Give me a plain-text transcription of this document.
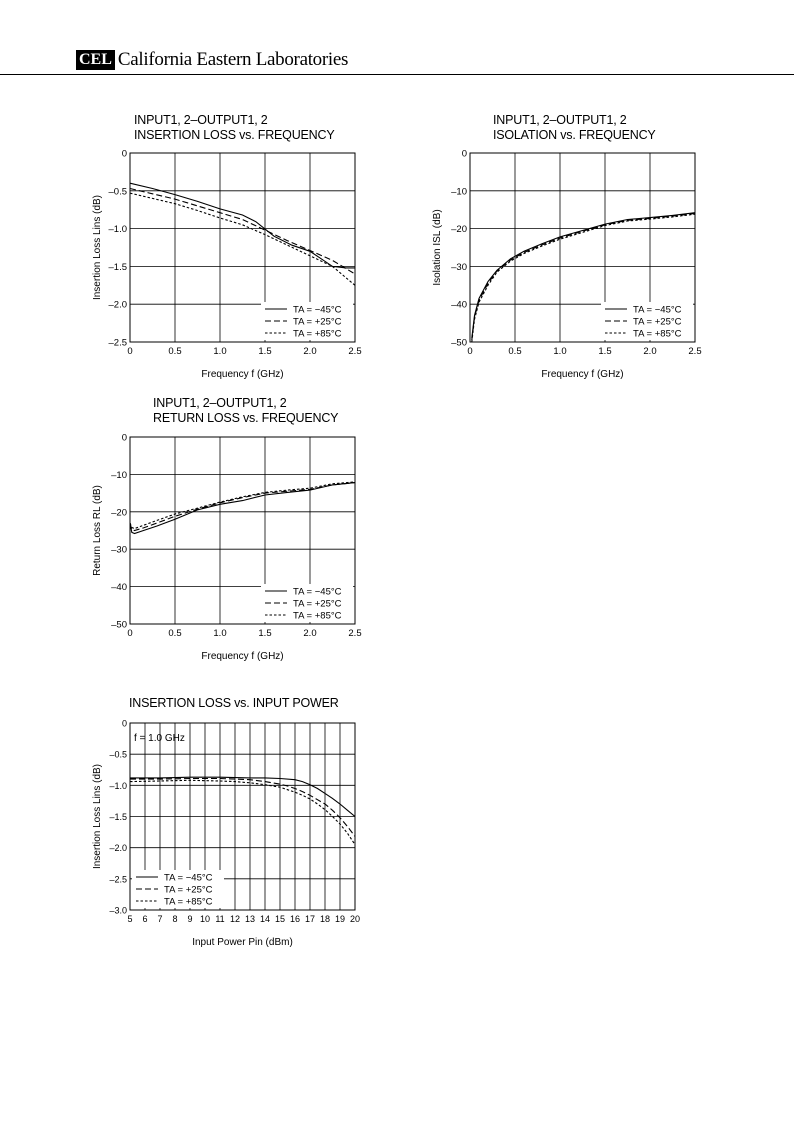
CEL California Eastern Laboratories
INPUT1, 2–OUTPUT1, 2
INSERTION LOSS vs. FREQUENCY
0	0.5	1.0	1.5	2.0	2.5
0
–0.5
–1.0
–1.5
–2.0
–2.5
Frequency f (GHz)
Insertion Loss Lins (dB)
TA = −45°C
TA = +25°C
TA = +85°C
INPUT1, 2–OUTPUT1, 2
ISOLATION vs. FREQUENCY
0	0.5	1.0	1.5	2.0	2.5
0
–10
–20
–30
–40
–50
Frequency f (GHz)
Isolation ISL (dB)
TA = −45°C
TA = +25°C
TA = +85°C
INPUT1, 2–OUTPUT1, 2
RETURN LOSS vs. FREQUENCY
0	0.5	1.0	1.5	2.0	2.5
0
–10
–20
–30
–40
–50
Frequency f (GHz)
Return Loss RL (dB)
TA = −45°C
TA = +25°C
TA = +85°C
INSERTION LOSS vs. INPUT POWER
5 6 7 8 9 10 11 12 13 14 15 16 17 18 19 20
0
–0.5
–1.0
–1.5
–2.0
–2.5
–3.0
Input Power Pin (dBm)
Insertion Loss Lins (dB)
TA = −45°C
TA = +25°C
TA = +85°C
f = 1.0 GHz
